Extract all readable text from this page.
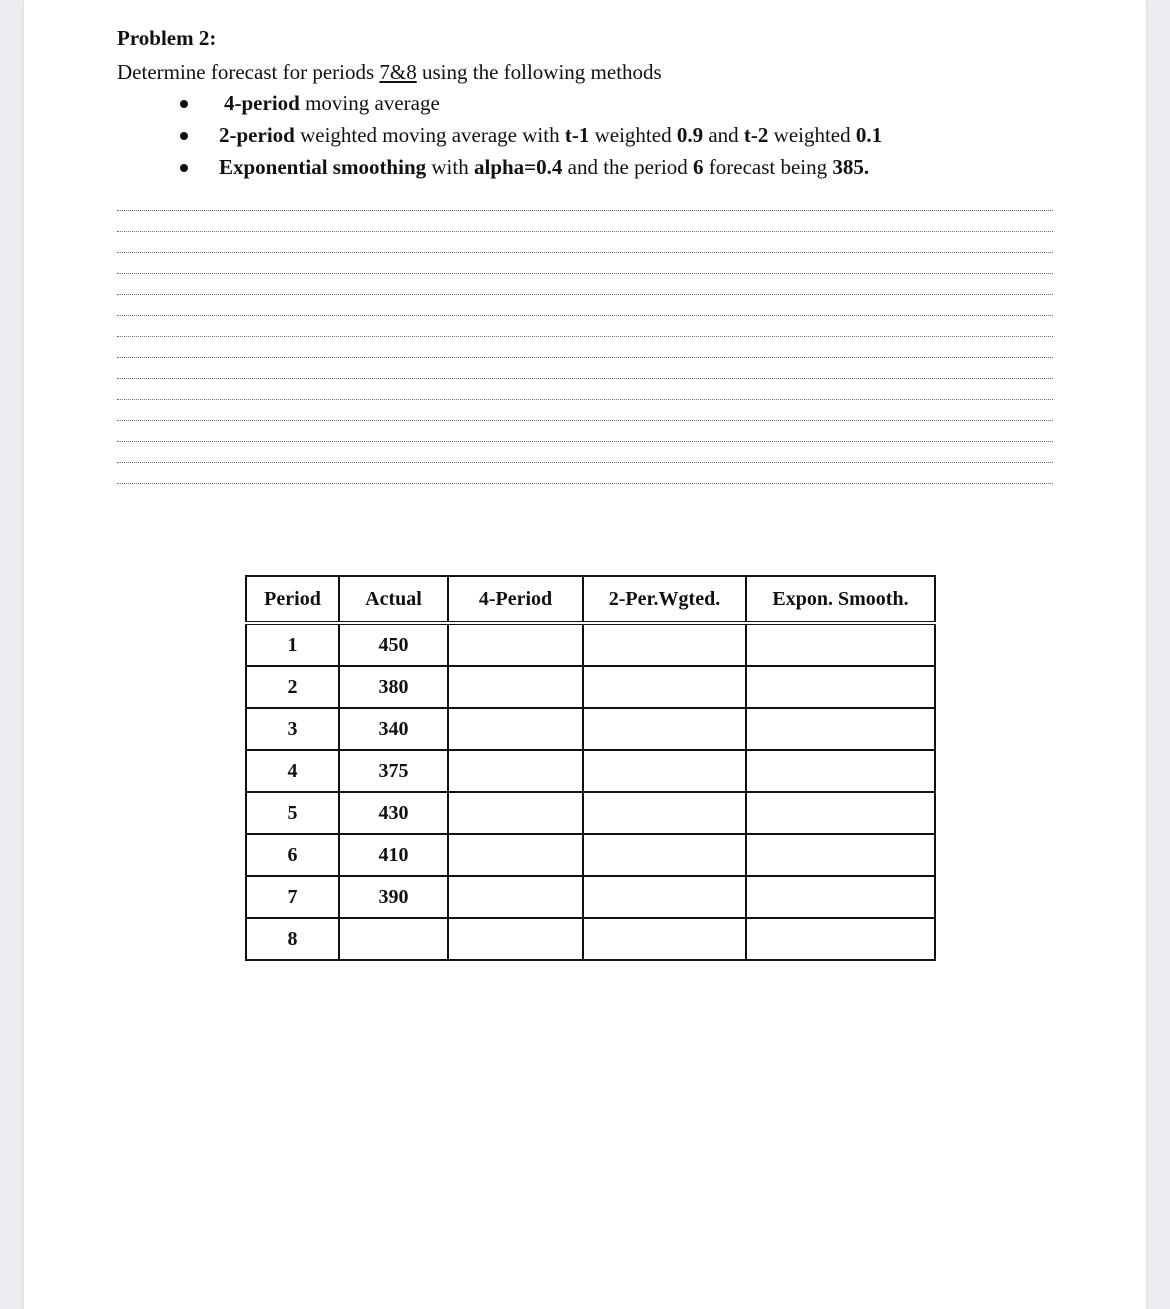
Problem 2:

Determine forecast for periods 7&8 using the following methods

4-period moving average
2-period weighted moving average with t-1 weighted 0.9 and t-2 weighted 0.1
Exponential smoothing with alpha=0.4 and the period 6 forecast being 385.
Period	Actual	4-Period	2-Per.Wgted.	Expon. Smooth.
1	450			
2	380			
3	340			
4	375			
5	430			
6	410			
7	390			
8				
